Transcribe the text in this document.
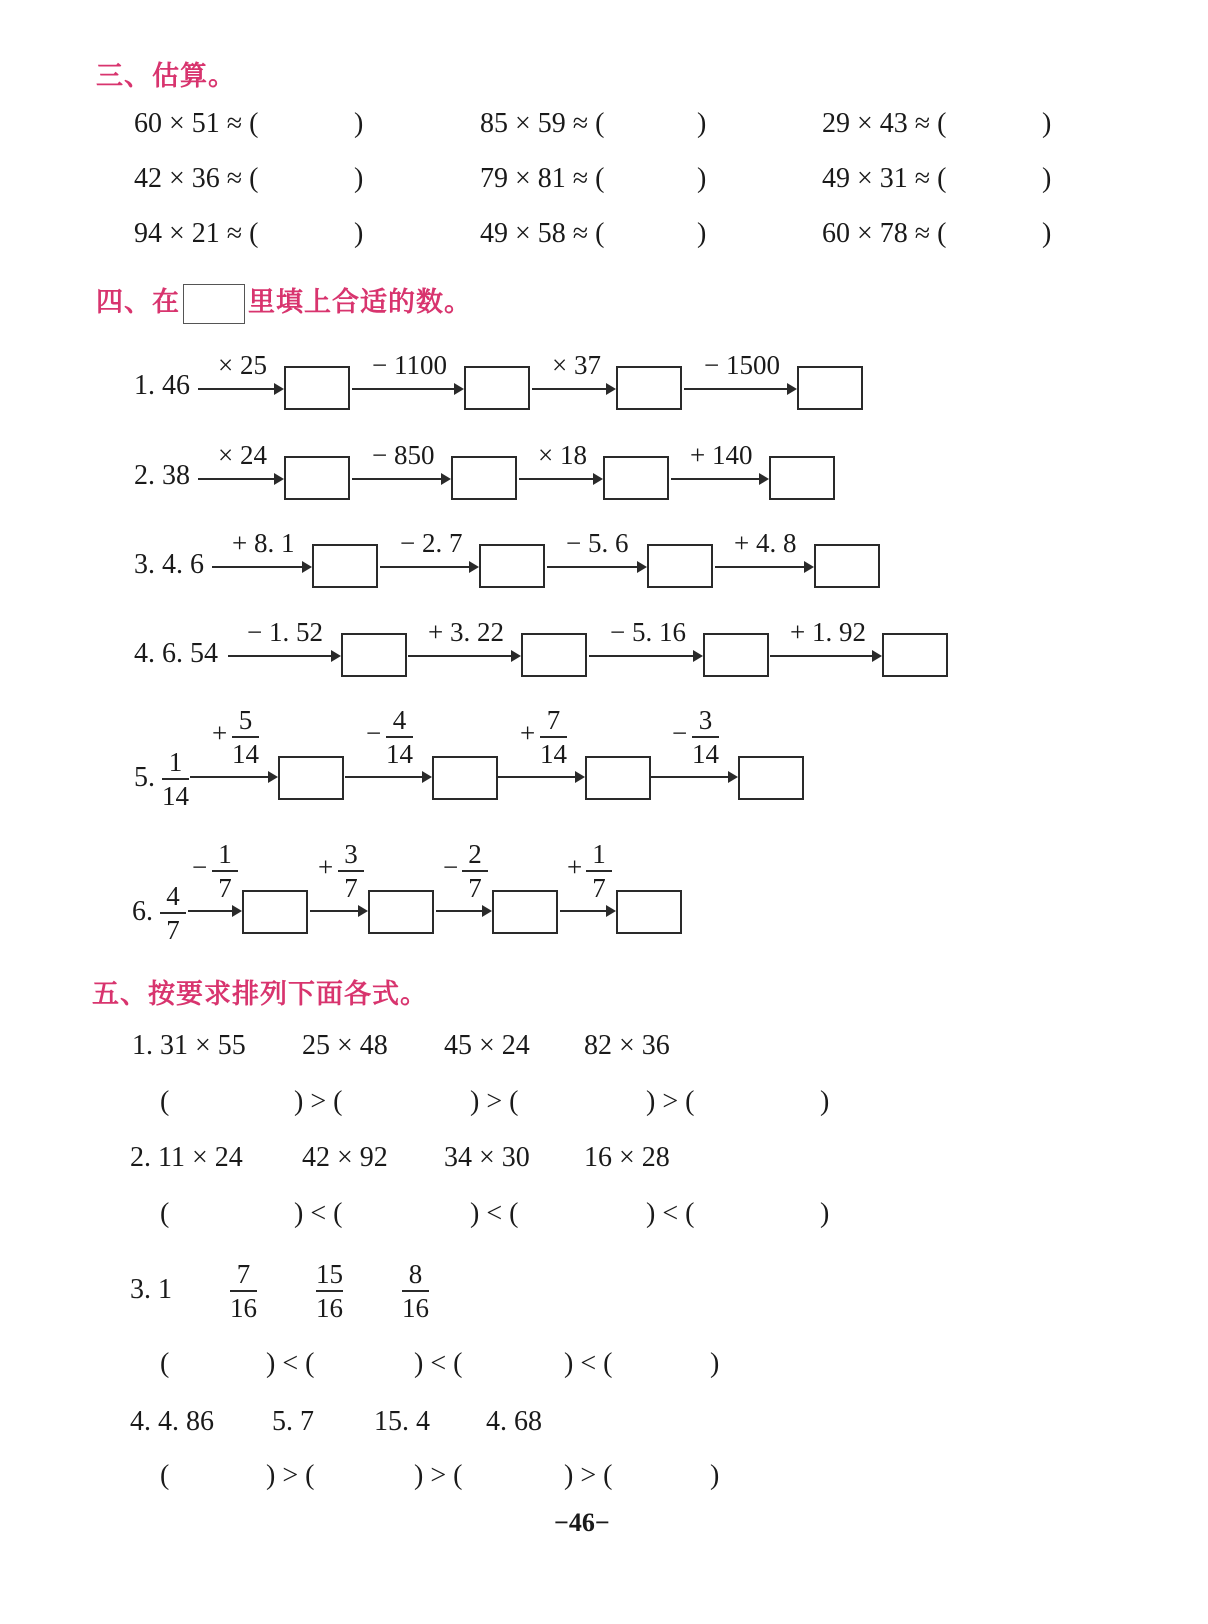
三、估算。
四、在	里填上合适的数。
五、按要求排列下面各式。
−46−
60 × 51 ≈ (	)	85 × 59 ≈ (	)	29 × 43 ≈ (	)
42 × 36 ≈ (	)	79 × 81 ≈ (	)	49 × 31 ≈ (	)
94 × 21 ≈ (	)	49 × 58 ≈ (	)	60 × 78 ≈ (	)
1. 46
× 25	− 1100	× 37	− 1500
2. 38
× 24	− 850	× 18	+ 140
3. 4. 6
+ 8. 1	− 2. 7	− 5. 6	+ 4. 8
4. 6. 54
− 1. 52	+ 3. 22	− 5. 16	+ 1. 92
5. 1
14
+ 5
14
− 4
14
+ 7
14
− 3
14
6. 4
7
− 1
7
+ 3
7
− 2
7
+ 1
7
1. 31 × 55 25 × 48 45 × 24 82 × 36
(	) > (	) > (	) > (	)
2. 11 × 24 42 × 92 34 × 30 16 × 28
(	) < (	) < (	) < (	)
3. 1 7
16
15
16
8
16
(	) < (	) < (	) < (	)
4. 4. 86 5. 7 15. 4 4. 68
(	) > (	) > (	) > (	)
